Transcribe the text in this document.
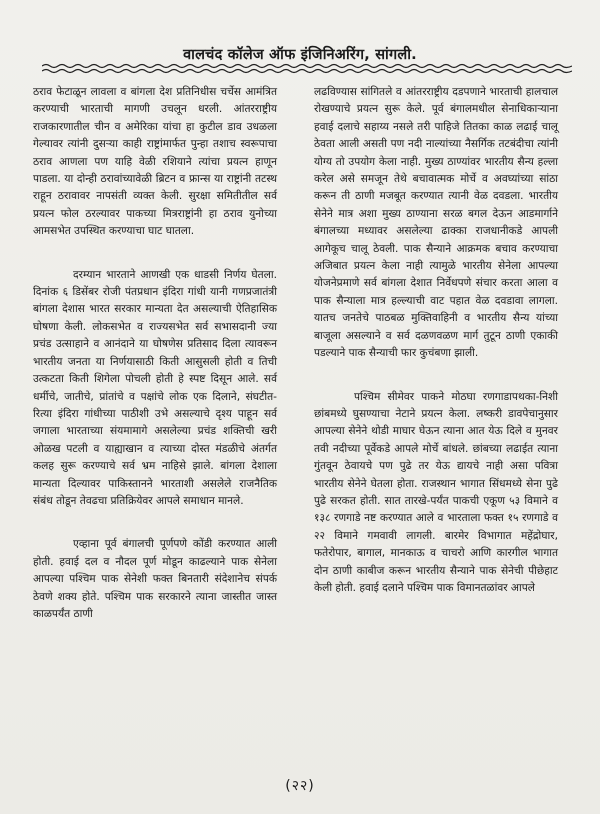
वालचंद कॉलेज ऑफ इंजिनिअरिंग, सांगली.

ठराव फेटाळून लावला व बांगला देश प्रतिनिधीस चर्चेस आमंत्रित करण्याची भारताची मागणी उचलून धरली. आंतरराष्ट्रीय राजकारणातील चीन व अमेरिका यांचा हा कुटील डाव उधळला गेल्यावर त्यांनी दुसऱ्या काही राष्ट्रांमार्फत पुन्हा तशाच स्वरूपाचा ठराव आणला पण याहि वेळी रशियाने त्यांचा प्रयत्न हाणून पाडला. या दोन्ही ठरावांच्यावेळी ब्रिटन व फ्रान्स या राष्ट्रांनी तटस्थ राहून ठरावावर नापसंती व्यक्त केली. सुरक्षा समितीतील सर्व प्रयत्न फोल ठरल्यावर पाकच्या मित्रराष्ट्रांनी हा ठराव युनोच्या आमसभेत उपस्थित करण्याचा घाट घातला.

दरम्यान भारताने आणखी एक धाडसी निर्णय घेतला. दिनांक ६ डिसेंबर रोजी पंतप्रधान इंदिरा गांधी यानी गणप्रजातंत्री बांगला देशास भारत सरकार मान्यता देत असल्याची ऐतिहासिक घोषणा केली. लोकसभेत व राज्यसभेत सर्व सभासदानी ज्या प्रचंड उत्साहाने व आनंदाने या घोषणेस प्रतिसाद दिला त्यावरून भारतीय जनता या निर्णयासाठी किती आसुसली होती व तिची उत्कटता किती शिगेला पोचली होती हे स्पष्ट दिसून आले. सर्व धर्मीचे, जातीचे, प्रांतांचे व पक्षांचे लोक एक दिलाने, संघटीत-रित्या इंदिरा गांधीच्या पाठीशी उभे असल्याचे दृश्य पाहून सर्व जगाला भारताच्या संयमामागे असलेल्या प्रचंड शक्तिची खरी ओळख पटली व याह्याखान व त्याच्या दोस्त मंडळीचे अंतर्गत कलह सुरू करण्याचे सर्व भ्रम नाहिसे झाले. बांगला देशाला मान्यता दिल्यावर पाकिस्तानने भारताशी असलेले राजनैतिक संबंध तोडून तेवढचा प्रतिक्रियेवर आपले समाधान मानले.

एव्हाना पूर्व बंगालची पूर्णपणे कोंडी करण्यात आली होती. हवाई दल व नौदल पूर्ण मोडून काढल्याने पाक सेनेला आपल्या पश्चिम पाक सेनेशी फक्त बिनतारी संदेशानेच संपर्क ठेवणे शक्य होते. पश्चिम पाक सरकारने त्याना जास्तीत जास्त काळपर्यंत ठाणी

लढविण्यास सांगितले व आंतरराष्ट्रीय दडपणाने भारताची हालचाल रोखण्याचे प्रयत्न सुरू केले. पूर्व बंगालमधील सेनाधिकाऱ्याना हवाई दलाचे सहाय्य नसले तरी पाहिजे तितका काळ लढाई चालू ठेवता आली असती पण नदी नाल्यांच्या नैसर्गिक तटबंदीचा त्यांनी योग्य तो उपयोग केला नाही. मुख्य ठाण्यांवर भारतीय सैन्य हल्ला करेल असे समजून तेथे बचावात्मक मोर्चे व अवघ्यांच्या सांठा करून ती ठाणी मजबूत करण्यात त्यानी वेळ दवडला. भारतीय सेनेने मात्र अशा मुख्य ठाण्याना सरळ बगल देऊन आडमार्गाने बंगालच्या मध्यावर असलेल्या ढाक्का राजधानीकडे आपली आगेकूच चालू ठेवली. पाक सैन्याने आक्रमक बचाव करण्याचा अजिबात प्रयत्न केला नाही त्यामुळे भारतीय सेनेला आपल्या योजनेप्रमाणे सर्व बांगला देशात निर्वेधपणे संचार करता आला व पाक सैन्याला मात्र हल्ल्याची वाट पहात वेळ दवडावा लागला. यातच जनतेचे पाठबळ मुक्तिवाहिनी व भारतीय सैन्य यांच्या बाजूला असल्याने व सर्व दळणवळण मार्ग तुटून ठाणी एकाकी पडल्याने पाक सैन्याची फार कुचंबणा झाली.

पश्चिम सीमेवर पाकने मोठघा रणगाडापथका-निशी छांबमध्ये घुसण्याचा नेटाने प्रयत्न केला. लष्करी डावपेचानुसार आपल्या सेनेने थोडी माघार घेऊन त्याना आत येऊ दिले व मुनवर तवी नदीच्या पूर्वेकडे आपले मोर्चे बांधले. छांबच्या लढाईत त्याना गुंतवून ठेवायचे पण पुढे तर येऊ द्यायचे नाही असा पवित्रा भारतीय सेनेने घेतला होता. राजस्थान भागात सिंधमध्ये सेना पुढे पुढे सरकत होती. सात तारखे-पर्यंत पाकची एकूण ५३ विमाने व १३८ रणगाडे नष्ट करण्यात आले व भारताला फक्त १५ रणगाडे व २२ विमाने गमवावी लागली. बारमेर विभागात महेंद्रोघार, फतेरोपार, बागाल, मानकाऊ व चाचरो आणि कारगील भागात दोन ठाणी काबीज करून भारतीय सैन्याने पाक सेनेची पीछेहाट केली होती. हवाई दलाने पश्चिम पाक विमानतळांवर आपले

(२२)
